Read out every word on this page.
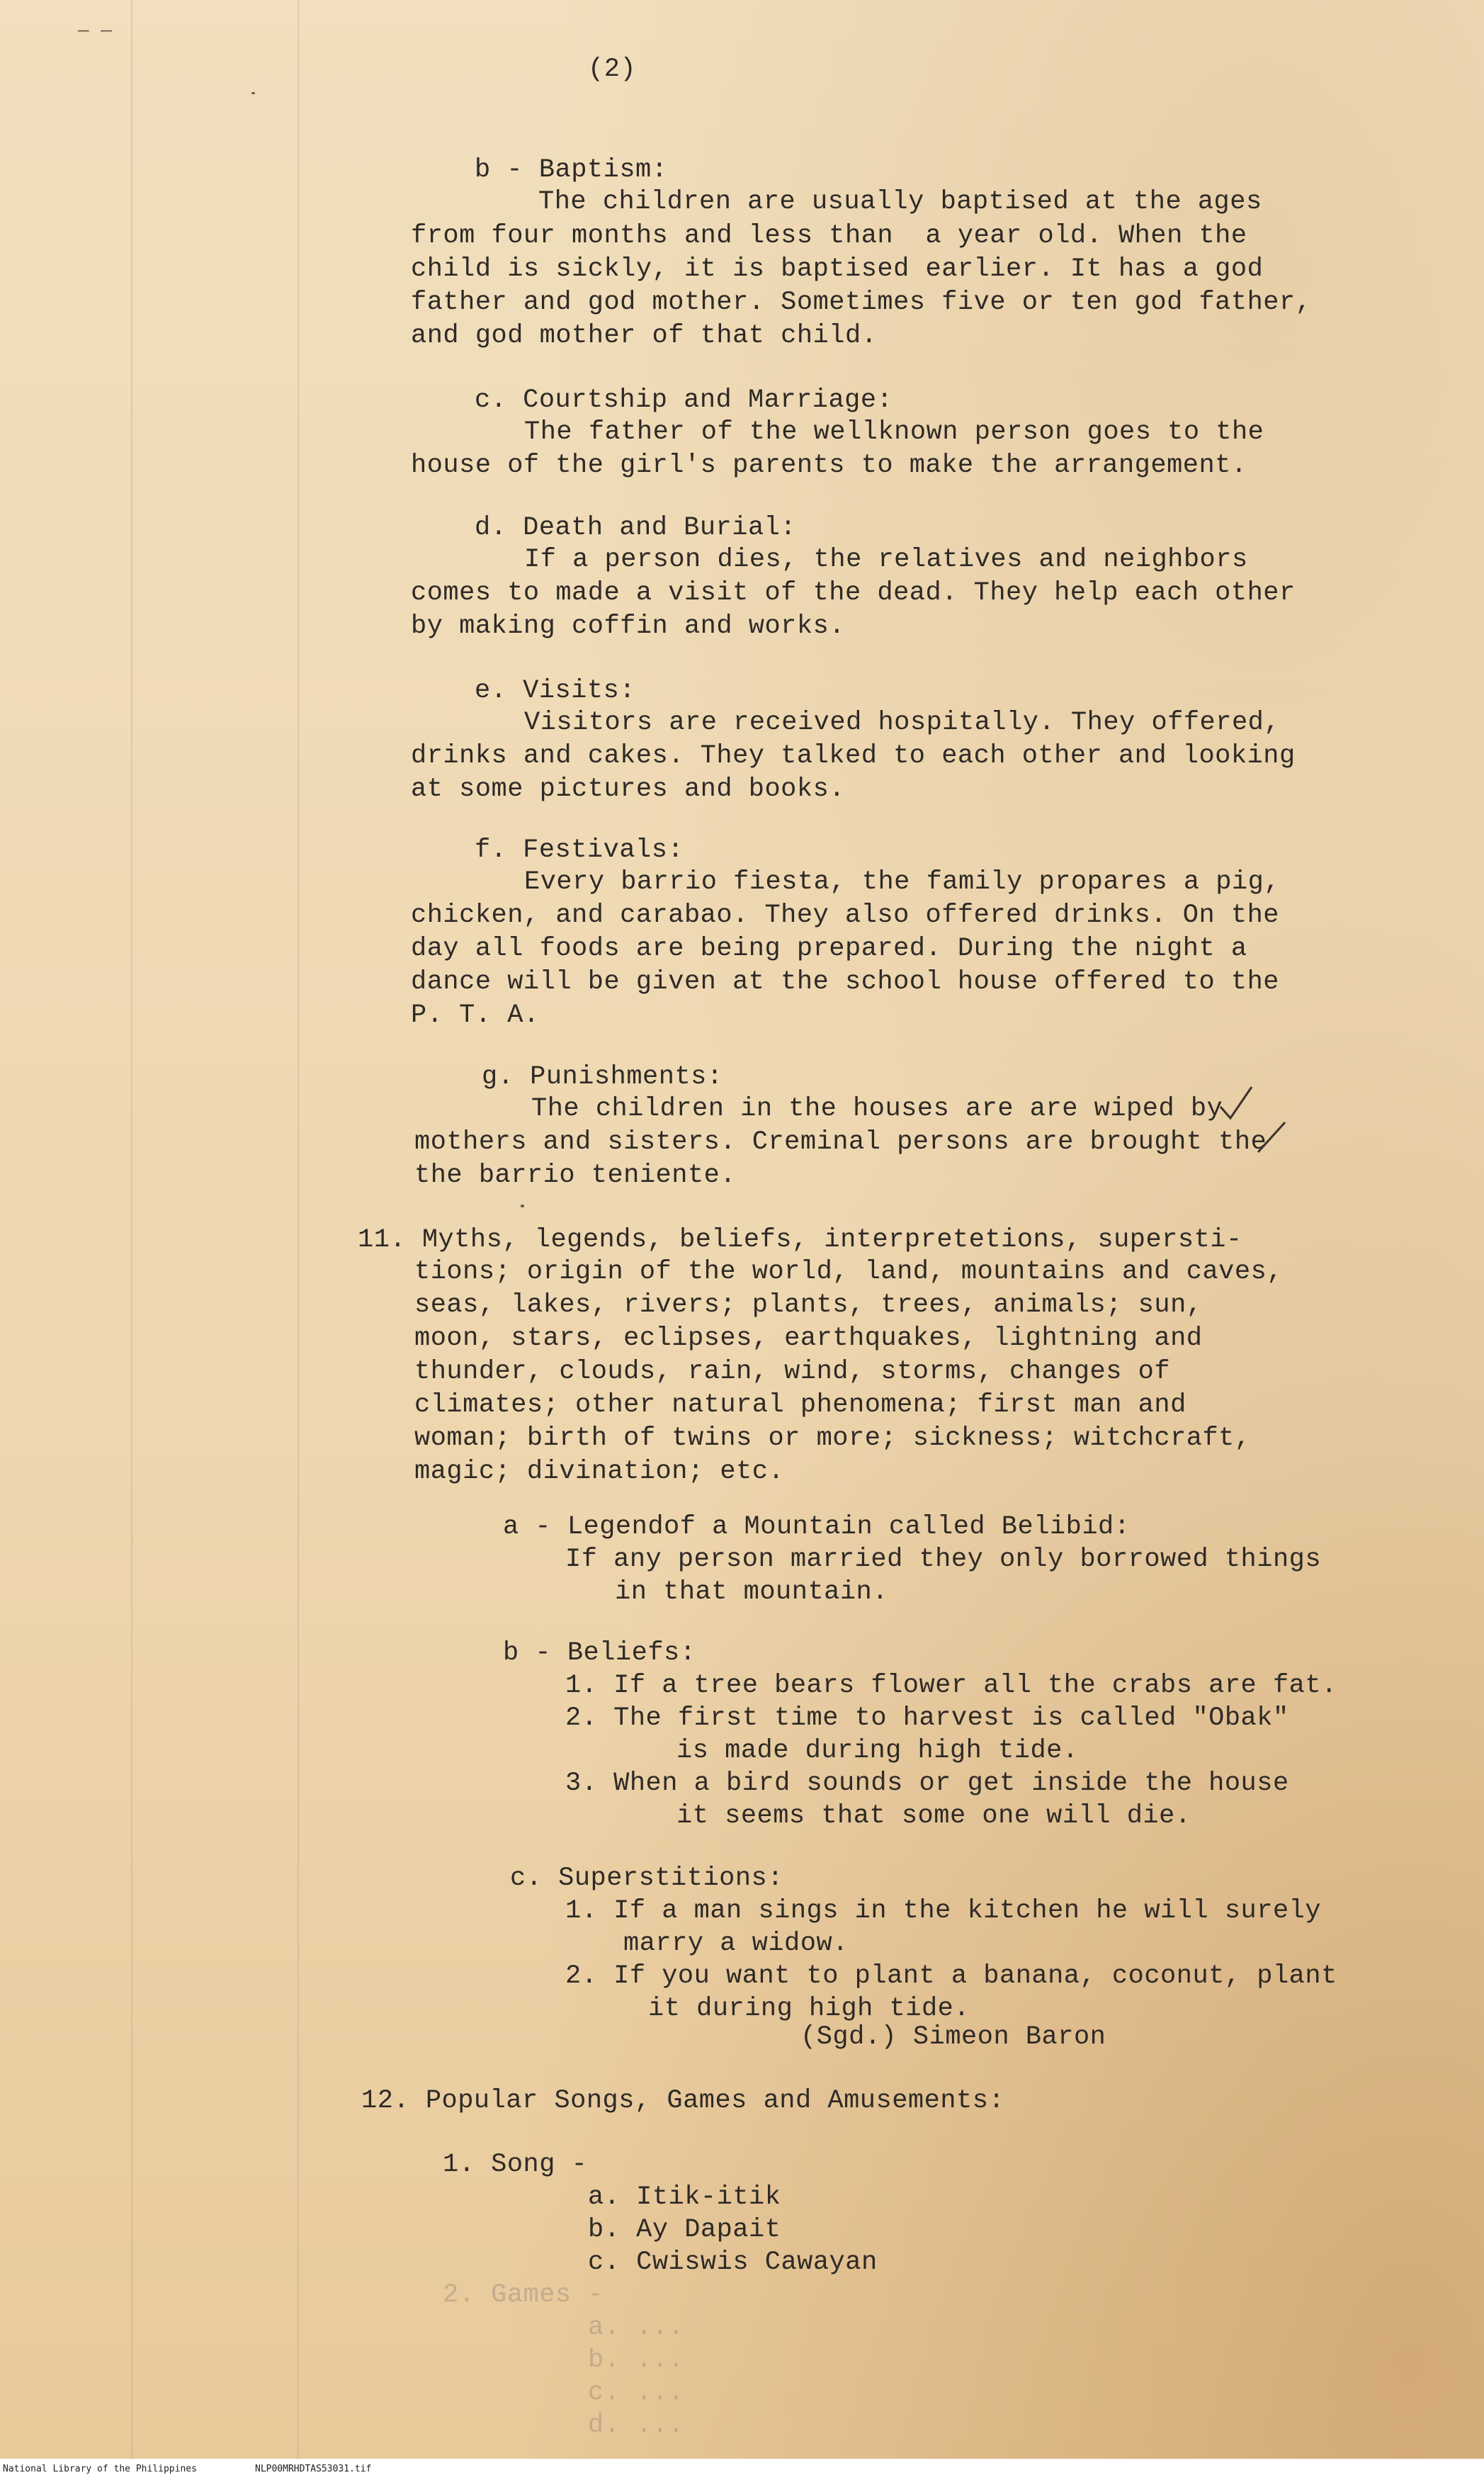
— —
(2)
b - Baptism:
The children are usually baptised at the ages
from four months and less than  a year old. When the
child is sickly, it is baptised earlier. It has a god
father and god mother. Sometimes five or ten god father,
and god mother of that child.
c. Courtship and Marriage:
The father of the wellknown person goes to the
house of the girl's parents to make the arrangement.
d. Death and Burial:
If a person dies, the relatives and neighbors
comes to made a visit of the dead. They help each other
by making coffin and works.
e. Visits:
Visitors are received hospitally. They offered,
drinks and cakes. They talked to each other and looking
at some pictures and books.
f. Festivals:
Every barrio fiesta, the family propares a pig,
chicken, and carabao. They also offered drinks. On the
day all foods are being prepared. During the night a
dance will be given at the school house offered to the
P. T. A.
g. Punishments:
The children in the houses are are wiped by
mothers and sisters. Creminal persons are brought the
the barrio teniente.
11. Myths, legends, beliefs, interpretetions, supersti-
tions; origin of the world, land, mountains and caves,
seas, lakes, rivers; plants, trees, animals; sun,
moon, stars, eclipses, earthquakes, lightning and
thunder, clouds, rain, wind, storms, changes of
climates; other natural phenomena; first man and
woman; birth of twins or more; sickness; witchcraft,
magic; divination; etc.
a - Legendof a Mountain called Belibid:
If any person married they only borrowed things
in that mountain.
b - Beliefs:
1. If a tree bears flower all the crabs are fat.
2. The first time to harvest is called "Obak"
is made during high tide.
3. When a bird sounds or get inside the house
it seems that some one will die.
c. Superstitions:
1. If a man sings in the kitchen he will surely
marry a widow.
2. If you want to plant a banana, coconut, plant
it during high tide.
(Sgd.) Simeon Baron
12. Popular Songs, Games and Amusements:
1. Song -
a. Itik-itik
b. Ay Dapait
c. Cwiswis Cawayan
2. Games -
a. ...
b. ...
c. ...
d. ...
National Library of the Philippines	NLP00MRHDTAS53031.tif
